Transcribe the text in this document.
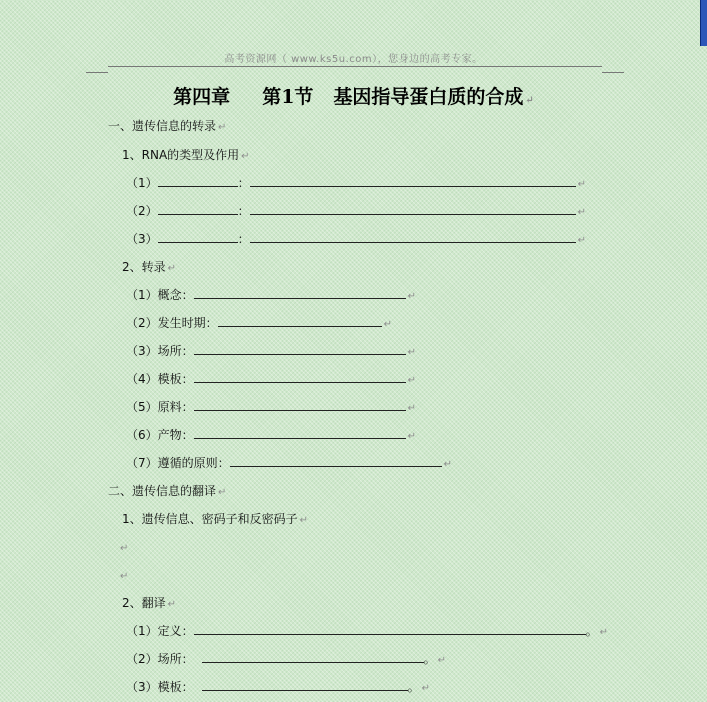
高考资源网（ www.ks5u.com），您身边的高考专家。
第四章 第1节 基因指导蛋白质的合成 ↵
一、遗传信息的转录 ↵
1、RNA的类型及作用 ↵
（1）	：	↵
（2）	：	↵
（3）	：	↵
2、转录 ↵
（1）概念：	↵
（2）发生时期：	↵
（3）场所：	↵
（4）模板：	↵
（5）原料：	↵
（6）产物：	↵
（7）遵循的原则：	↵
二、遗传信息的翻译 ↵
1、遗传信息、密码子和反密码子 ↵
↵
↵
2、翻译 ↵
（1）定义：	。 ↵
（2）场所：	。 ↵
（3）模板：	。 ↵
